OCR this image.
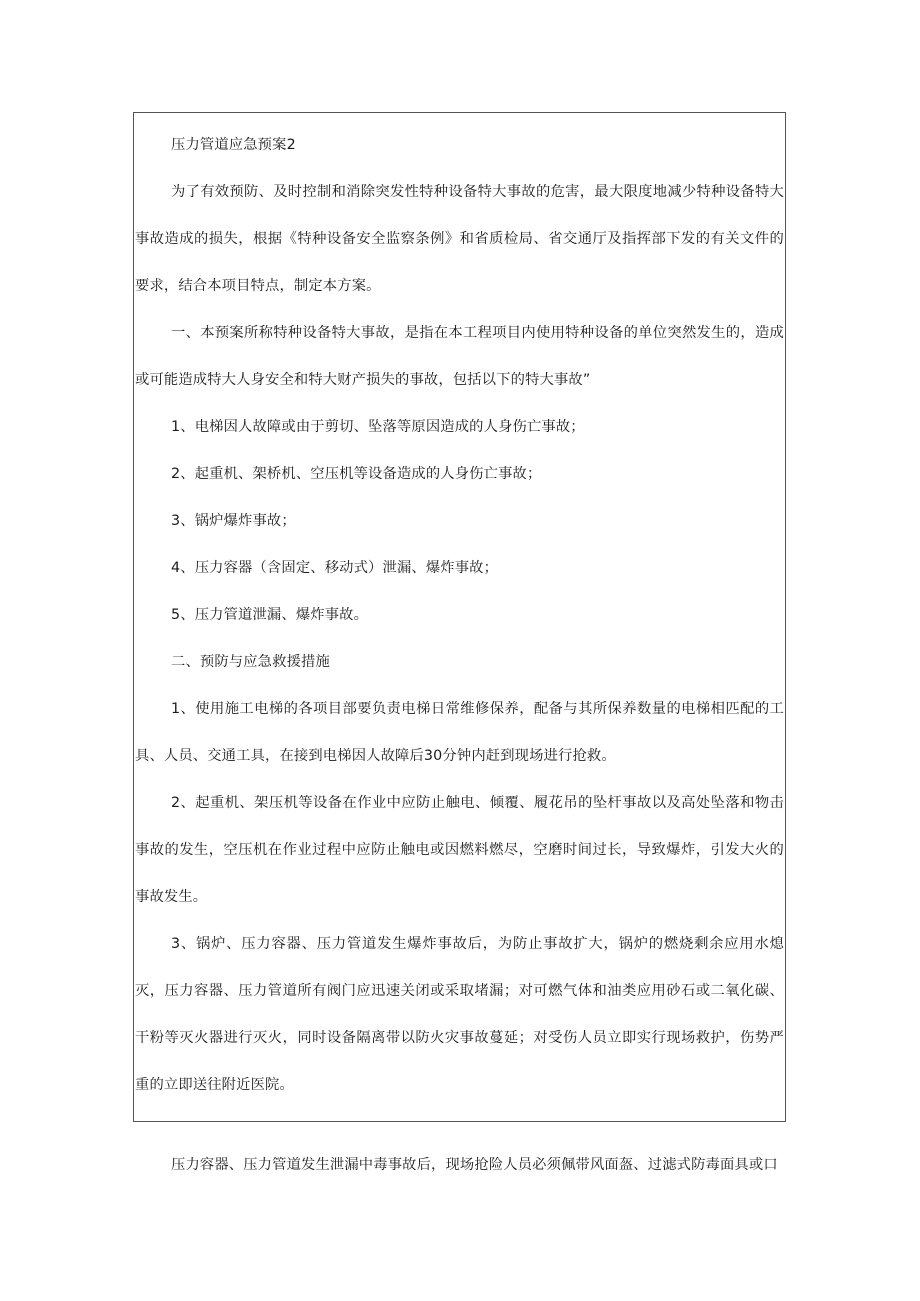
压力管道应急预案2

为了有效预防、及时控制和消除突发性特种设备特大事故的危害，最大限度地减少特种设备特大事故造成的损失，根据《特种设备安全监察条例》和省质检局、省交通厅及指挥部下发的有关文件的要求，结合本项目特点，制定本方案。

一、本预案所称特种设备特大事故，是指在本工程项目内使用特种设备的单位突然发生的，造成或可能造成特大人身安全和特大财产损失的事故，包括以下的特大事故”

1、电梯因人故障或由于剪切、坠落等原因造成的人身伤亡事故；

2、起重机、架桥机、空压机等设备造成的人身伤亡事故；

3、锅炉爆炸事故；

4、压力容器（含固定、移动式）泄漏、爆炸事故；

5、压力管道泄漏、爆炸事故。

二、预防与应急救援措施

1、使用施工电梯的各项目部要负责电梯日常维修保养，配备与其所保养数量的电梯相匹配的工具、人员、交通工具，在接到电梯因人故障后30分钟内赶到现场进行抢救。

2、起重机、架压机等设备在作业中应防止触电、倾覆、履花吊的坠杆事故以及高处坠落和物击事故的发生，空压机在作业过程中应防止触电或因燃料燃尽，空磨时间过长，导致爆炸，引发大火的事故发生。

3、锅炉、压力容器、压力管道发生爆炸事故后，为防止事故扩大，锅炉的燃烧剩余应用水熄灭，压力容器、压力管道所有阀门应迅速关闭或采取堵漏；对可燃气体和油类应用砂石或二氧化碳、干粉等灭火器进行灭火，同时设备隔离带以防火灾事故蔓延；对受伤人员立即实行现场救护，伤势严重的立即送往附近医院。

压力容器、压力管道发生泄漏中毒事故后，现场抢险人员必须佩带风面盔、过滤式防毒面具或口
